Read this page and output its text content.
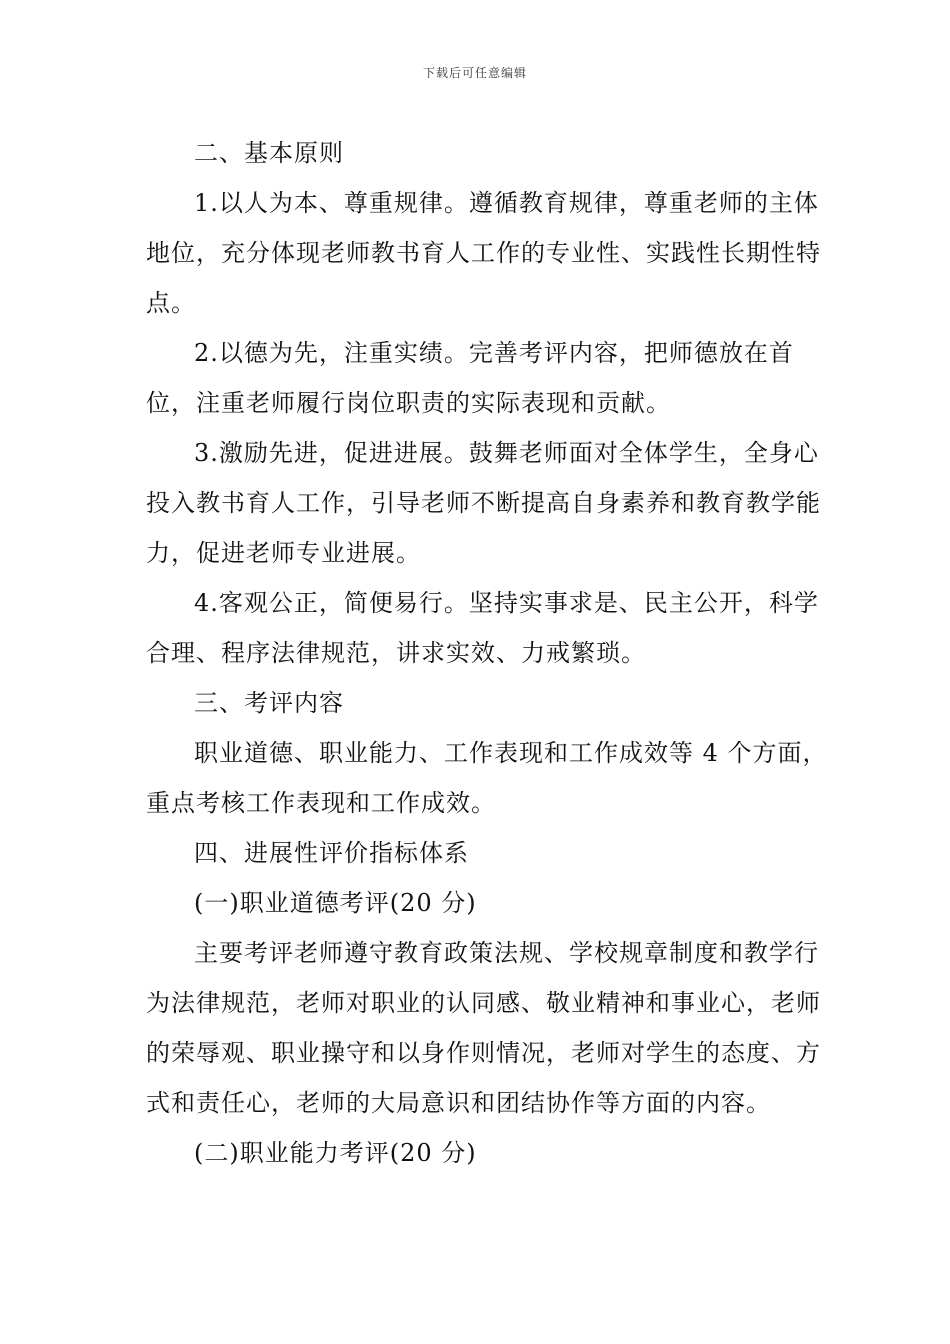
下载后可任意编辑

二、基本原则

1.以人为本、尊重规律。遵循教育规律，尊重老师的主体地位，充分体现老师教书育人工作的专业性、实践性长期性特点。

2.以德为先，注重实绩。完善考评内容，把师德放在首位，注重老师履行岗位职责的实际表现和贡献。

3.激励先进，促进进展。鼓舞老师面对全体学生，全身心投入教书育人工作，引导老师不断提高自身素养和教育教学能力，促进老师专业进展。

4.客观公正，简便易行。坚持实事求是、民主公开，科学合理、程序法律规范，讲求实效、力戒繁琐。

三、考评内容

职业道德、职业能力、工作表现和工作成效等 4 个方面，重点考核工作表现和工作成效。

四、进展性评价指标体系

(一)职业道德考评(20 分)

主要考评老师遵守教育政策法规、学校规章制度和教学行为法律规范，老师对职业的认同感、敬业精神和事业心，老师的荣辱观、职业操守和以身作则情况，老师对学生的态度、方式和责任心，老师的大局意识和团结协作等方面的内容。

(二)职业能力考评(20 分)
